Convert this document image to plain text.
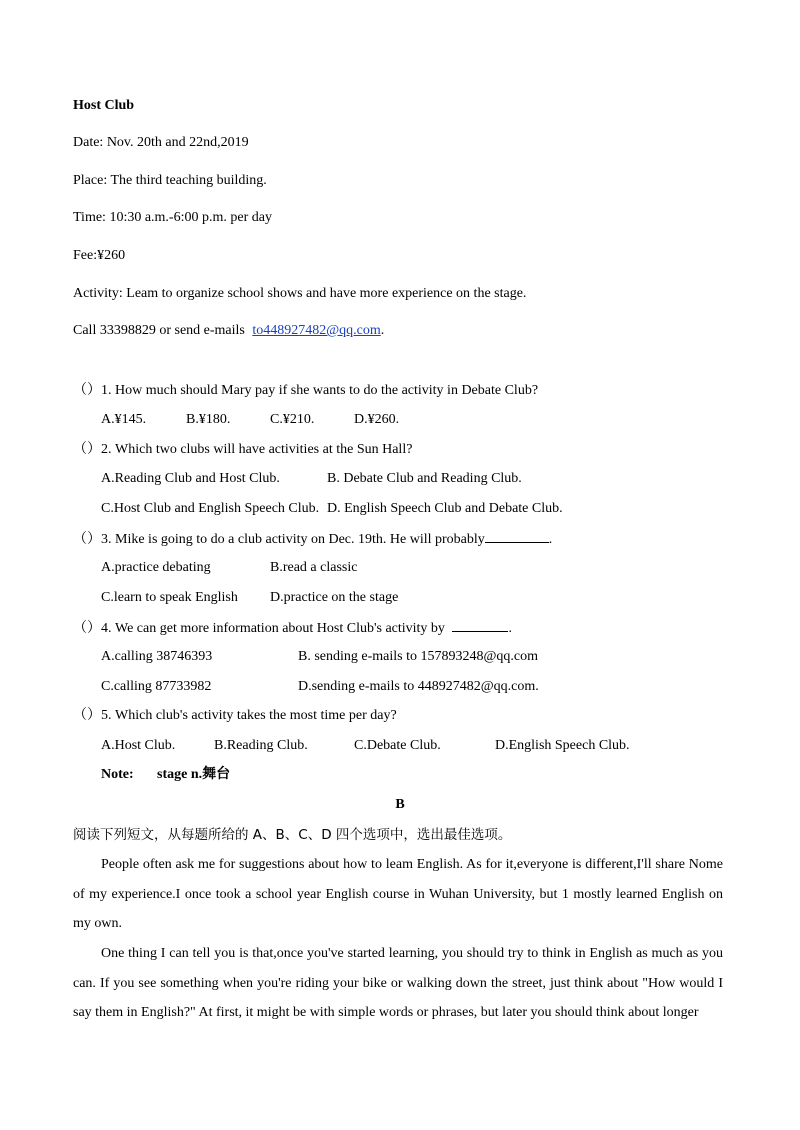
Host Club
Date: Nov. 20th and 22nd,2019
Place: The third teaching building.
Time: 10:30 a.m.-6:00 p.m. per day
Fee:¥260
Activity: Leam to organize school shows and have more experience on the stage.
Call 33398829 or send e-mails to448927482@qq.com.
（）1. How much should Mary pay if she wants to do the activity in Debate Club?
A.¥145.	B.¥180.	C.¥210.	D.¥260.
（）2. Which two clubs will have activities at the Sun Hall?
A.Reading Club and Host Club.	B. Debate Club and Reading Club.
C.Host Club and English Speech Club. D. English Speech Club and Debate Club.
（）3. Mike is going to do a club activity on Dec. 19th. He will probably	.
A.practice debating	B.read a classic
C.learn to speak English D.practice on the stage
（）4. We can get more information about Host Club's activity by	.
A.calling 38746393	B. sending e-mails to 157893248@qq.com
C.calling 87733982	D.sending e-mails to 448927482@qq.com.
（）5. Which club's activity takes the most time per day?
A.Host Club.	B.Reading Club.	C.Debate Club.	D.English Speech Club.
Note: stage n.舞台
B
阅读下列短文，从每题所给的 A、B、C、D 四个选项中，选出最佳选项。
People often ask me for suggestions about how to leam English. As for it,everyone is different,I'll share Nome of my experience.I once took a school year English course in Wuhan University, but 1 mostly learned English on my own.
One thing I can tell you is that,once you've started learning, you should try to think in English as much as you can. If you see something when you're riding your bike or walking down the street, just think about "How would I say them in English?" At first, it might be with simple words or phrases, but later you should think about longer
